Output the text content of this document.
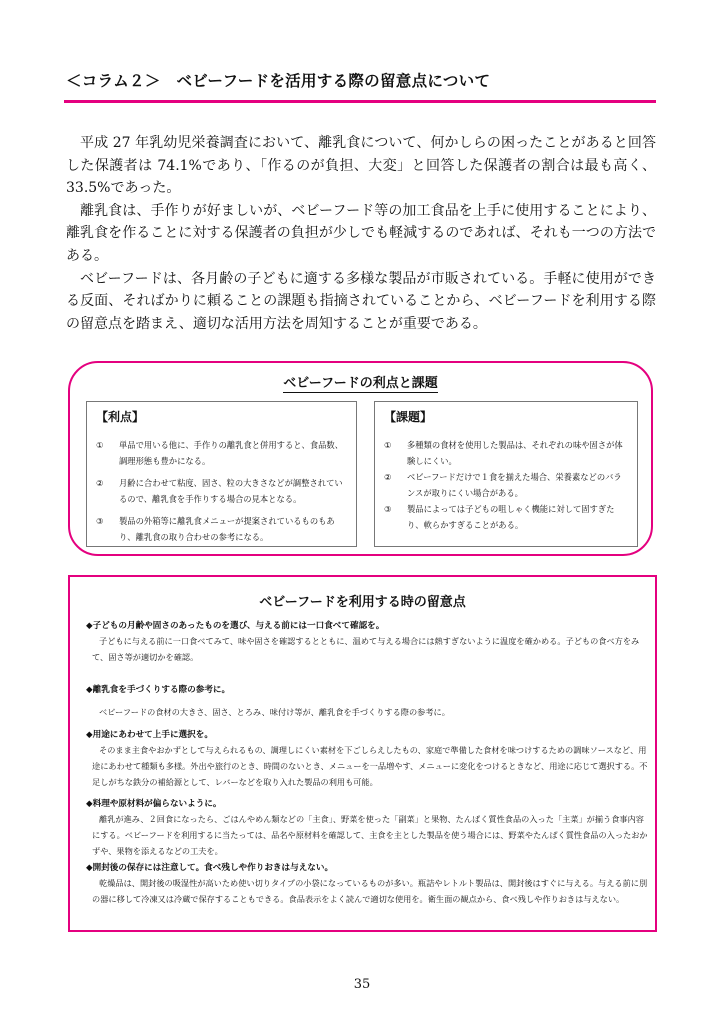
＜コラム２＞　ベビーフードを活用する際の留意点について

平成 27 年乳幼児栄養調査において、離乳食について、何かしらの困ったことがあると回答した保護者は 74.1%であり、「作るのが負担、大変」と回答した保護者の割合は最も高く、33.5%であった。

離乳食は、手作りが好ましいが、ベビーフード等の加工食品を上手に使用することにより、離乳食を作ることに対する保護者の負担が少しでも軽減するのであれば、それも一つの方法である。

ベビーフードは、各月齢の子どもに適する多様な製品が市販されている。手軽に使用ができる反面、そればかりに頼ることの課題も指摘されていることから、ベビーフードを利用する際の留意点を踏まえ、適切な活用方法を周知することが重要である。

ベビーフードの利点と課題
【利点】
① 単品で用いる他に、手作りの離乳食と併用すると、食品数、調理形態も豊かになる。
② 月齢に合わせて粘度、固さ、粒の大きさなどが調整されているので、離乳食を手作りする場合の見本となる。
③ 製品の外箱等に離乳食メニューが提案されているものもあり、離乳食の取り合わせの参考になる。
【課題】
① 多種類の食材を使用した製品は、それぞれの味や固さが体験しにくい。
② ベビーフードだけで１食を揃えた場合、栄養素などのバランスが取りにくい場合がある。
③ 製品によっては子どもの咀しゃく機能に対して固すぎたり、軟らかすぎることがある。
ベビーフードを利用する時の留意点
◆子どもの月齢や固さのあったものを選び、与える前には一口食べて確認を。
子どもに与える前に一口食べてみて、味や固さを確認するとともに、温めて与える場合には熱すぎないように温度を確かめる。子どもの食べ方をみて、固さ等が適切かを確認。
◆離乳食を手づくりする際の参考に。
ベビーフードの食材の大きさ、固さ、とろみ、味付け等が、離乳食を手づくりする際の参考に。
◆用途にあわせて上手に選択を。
そのまま主食やおかずとして与えられるもの、調理しにくい素材を下ごしらえしたもの、家庭で準備した食材を味つけするための調味ソースなど、用途にあわせて種類も多様。外出や旅行のとき、時間のないとき、メニューを一品増やす、メニューに変化をつけるときなど、用途に応じて選択する。不足しがちな鉄分の補給源として、レバーなどを取り入れた製品の利用も可能。
◆料理や原材料が偏らないように。
離乳が進み、２回食になったら、ごはんやめん類などの「主食」、野菜を使った「副菜」と果物、たんぱく質性食品の入った「主菜」が揃う食事内容にする。ベビーフードを利用するに当たっては、品名や原材料を確認して、主食を主とした製品を使う場合には、野菜やたんぱく質性食品の入ったおかずや、果物を添えるなどの工夫を。
◆開封後の保存には注意して。食べ残しや作りおきは与えない。
乾燥品は、開封後の吸湿性が高いため使い切りタイプの小袋になっているものが多い。瓶詰やレトルト製品は、開封後はすぐに与える。与える前に別の器に移して冷凍又は冷蔵で保存することもできる。食品表示をよく読んで適切な使用を。衛生面の観点から、食べ残しや作りおきは与えない。
35
